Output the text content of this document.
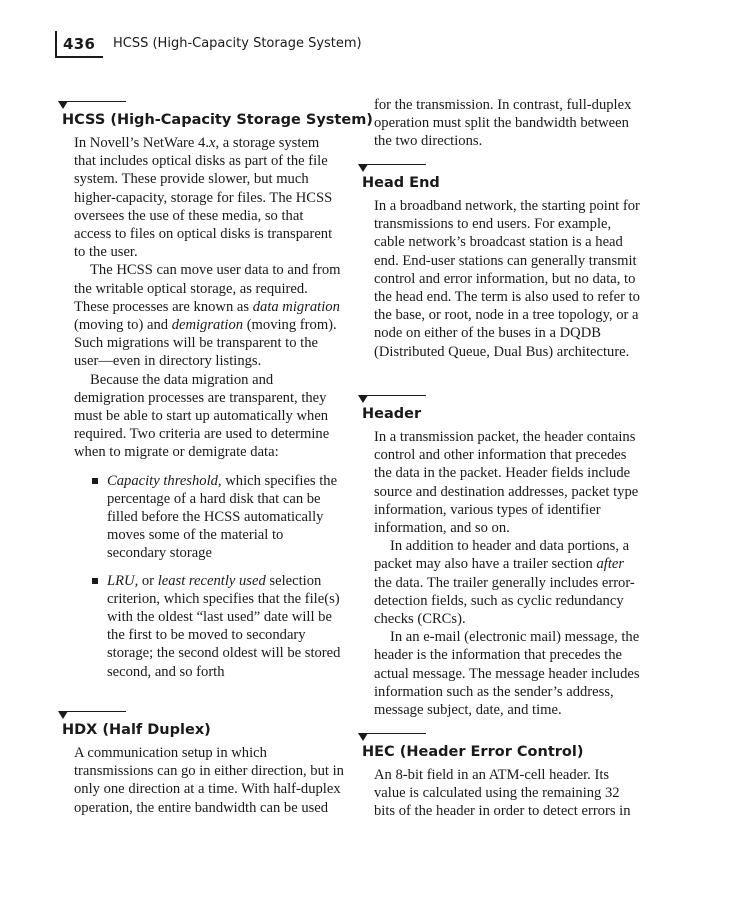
436 HCSS (High-Capacity Storage System)
HCSS (High-Capacity Storage System)

In Novell’s NetWare 4.x, a storage system that includes optical disks as part of the file system. These provide slower, but much higher-capacity, storage for files. The HCSS oversees the use of these media, so that access to files on optical disks is transparent to the user.

The HCSS can move user data to and from the writable optical storage, as required. These processes are known as data migration (moving to) and demigration (moving from). Such migrations will be transparent to the user—even in directory listings.

Because the data migration and demigration processes are transparent, they must be able to start up automatically when required. Two criteria are used to determine when to migrate or demigrate data:

Capacity threshold, which specifies the percentage of a hard disk that can be filled before the HCSS automatically moves some of the material to secondary storage
LRU, or least recently used selection criterion, which specifies that the file(s) with the oldest “last used” date will be the first to be moved to secondary storage; the second oldest will be stored second, and so forth
HDX (Half Duplex)

A communication setup in which transmissions can go in either direction, but in only one direction at a time. With half-duplex operation, the entire bandwidth can be used

for the transmission. In contrast, full-duplex operation must split the bandwidth between the two directions.

Head End

In a broadband network, the starting point for transmissions to end users. For example, cable network’s broadcast station is a head end. End-user stations can generally transmit control and error information, but no data, to the head end. The term is also used to refer to the base, or root, node in a tree topology, or a node on either of the buses in a DQDB (Distributed Queue, Dual Bus) architecture.

Header

In a transmission packet, the header contains control and other information that precedes the data in the packet. Header fields include source and destination addresses, packet type information, various types of identifier information, and so on.

In addition to header and data portions, a packet may also have a trailer section after the data. The trailer generally includes error-detection fields, such as cyclic redundancy checks (CRCs).

In an e-mail (electronic mail) message, the header is the information that precedes the actual message. The message header includes information such as the sender’s address, message subject, date, and time.

HEC (Header Error Control)

An 8-bit field in an ATM-cell header. Its value is calculated using the remaining 32 bits of the header in order to detect errors in
